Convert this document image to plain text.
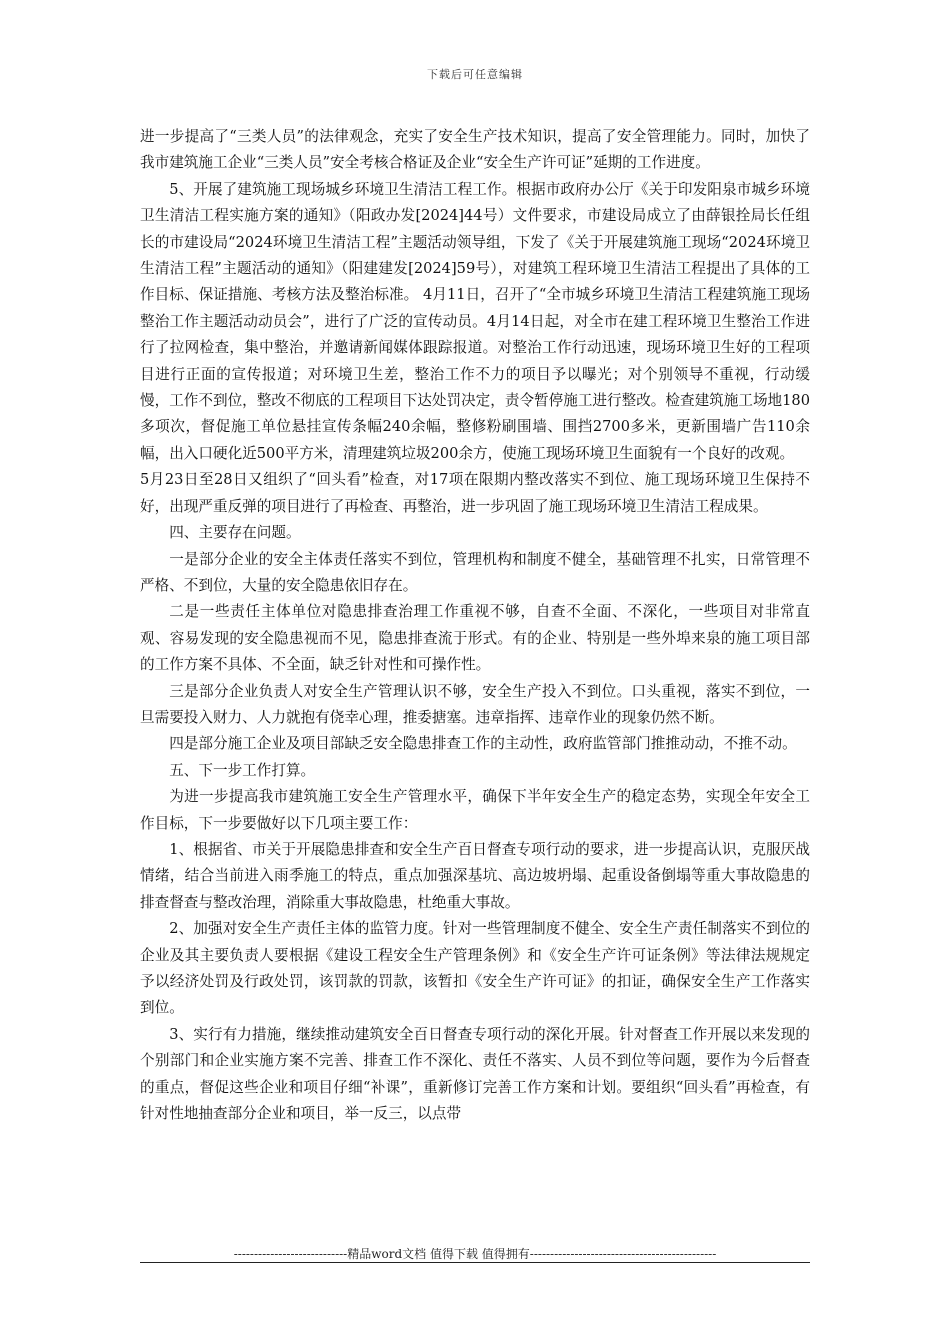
下载后可任意编辑

进一步提高了“三类人员”的法律观念，充实了安全生产技术知识，提高了安全管理能力。同时，加快了我市建筑施工企业“三类人员”安全考核合格证及企业“安全生产许可证”延期的工作进度。

5、开展了建筑施工现场城乡环境卫生清洁工程工作。根据市政府办公厅《关于印发阳泉市城乡环境卫生清洁工程实施方案的通知》（阳政办发[2024]44号）文件要求，市建设局成立了由薛银拴局长任组长的市建设局“2024环境卫生清洁工程”主题活动领导组，下发了《关于开展建筑施工现场“2024环境卫生清洁工程”主题活动的通知》（阳建建发[2024]59号），对建筑工程环境卫生清洁工程提出了具体的工作目标、保证措施、考核方法及整治标准。 4月11日，召开了“全市城乡环境卫生清洁工程建筑施工现场整治工作主题活动动员会”，进行了广泛的宣传动员。4月14日起，对全市在建工程环境卫生整治工作进行了拉网检查，集中整治，并邀请新闻媒体跟踪报道。对整治工作行动迅速，现场环境卫生好的工程项目进行正面的宣传报道；对环境卫生差，整治工作不力的项目予以曝光；对个别领导不重视，行动缓慢，工作不到位，整改不彻底的工程项目下达处罚决定，责令暂停施工进行整改。检查建筑施工场地180多项次，督促施工单位悬挂宣传条幅240余幅，整修粉刷围墙、围挡2700多米，更新围墙广告110余幅，出入口硬化近500平方米，清理建筑垃圾200余方，使施工现场环境卫生面貌有一个良好的改观。

5月23日至28日又组织了“回头看”检查，对17项在限期内整改落实不到位、施工现场环境卫生保持不好，出现严重反弹的项目进行了再检查、再整治，进一步巩固了施工现场环境卫生清洁工程成果。

四、主要存在问题。

一是部分企业的安全主体责任落实不到位，管理机构和制度不健全，基础管理不扎实，日常管理不严格、不到位，大量的安全隐患依旧存在。

二是一些责任主体单位对隐患排查治理工作重视不够，自查不全面、不深化，一些项目对非常直观、容易发现的安全隐患视而不见，隐患排查流于形式。有的企业、特别是一些外埠来泉的施工项目部的工作方案不具体、不全面，缺乏针对性和可操作性。

三是部分企业负责人对安全生产管理认识不够，安全生产投入不到位。口头重视，落实不到位，一旦需要投入财力、人力就抱有侥幸心理，推委搪塞。违章指挥、违章作业的现象仍然不断。

四是部分施工企业及项目部缺乏安全隐患排查工作的主动性，政府监管部门推推动动，不推不动。

五、下一步工作打算。

为进一步提高我市建筑施工安全生产管理水平，确保下半年安全生产的稳定态势，实现全年安全工作目标，下一步要做好以下几项主要工作：

1、根据省、市关于开展隐患排查和安全生产百日督查专项行动的要求，进一步提高认识，克服厌战情绪，结合当前进入雨季施工的特点，重点加强深基坑、高边坡坍塌、起重设备倒塌等重大事故隐患的排查督查与整改治理，消除重大事故隐患，杜绝重大事故。

2、加强对安全生产责任主体的监管力度。针对一些管理制度不健全、安全生产责任制落实不到位的企业及其主要负责人要根据《建设工程安全生产管理条例》和《安全生产许可证条例》等法律法规规定予以经济处罚及行政处罚，该罚款的罚款，该暂扣《安全生产许可证》的扣证，确保安全生产工作落实到位。

3、实行有力措施，继续推动建筑安全百日督查专项行动的深化开展。针对督查工作开展以来发现的个别部门和企业实施方案不完善、排查工作不深化、责任不落实、人员不到位等问题，要作为今后督查的重点，督促这些企业和项目仔细“补课”，重新修订完善工作方案和计划。要组织“回头看”再检查，有针对性地抽查部分企业和项目，举一反三，以点带

----------------------------精品word文档 值得下载 值得拥有----------------------------------------------
